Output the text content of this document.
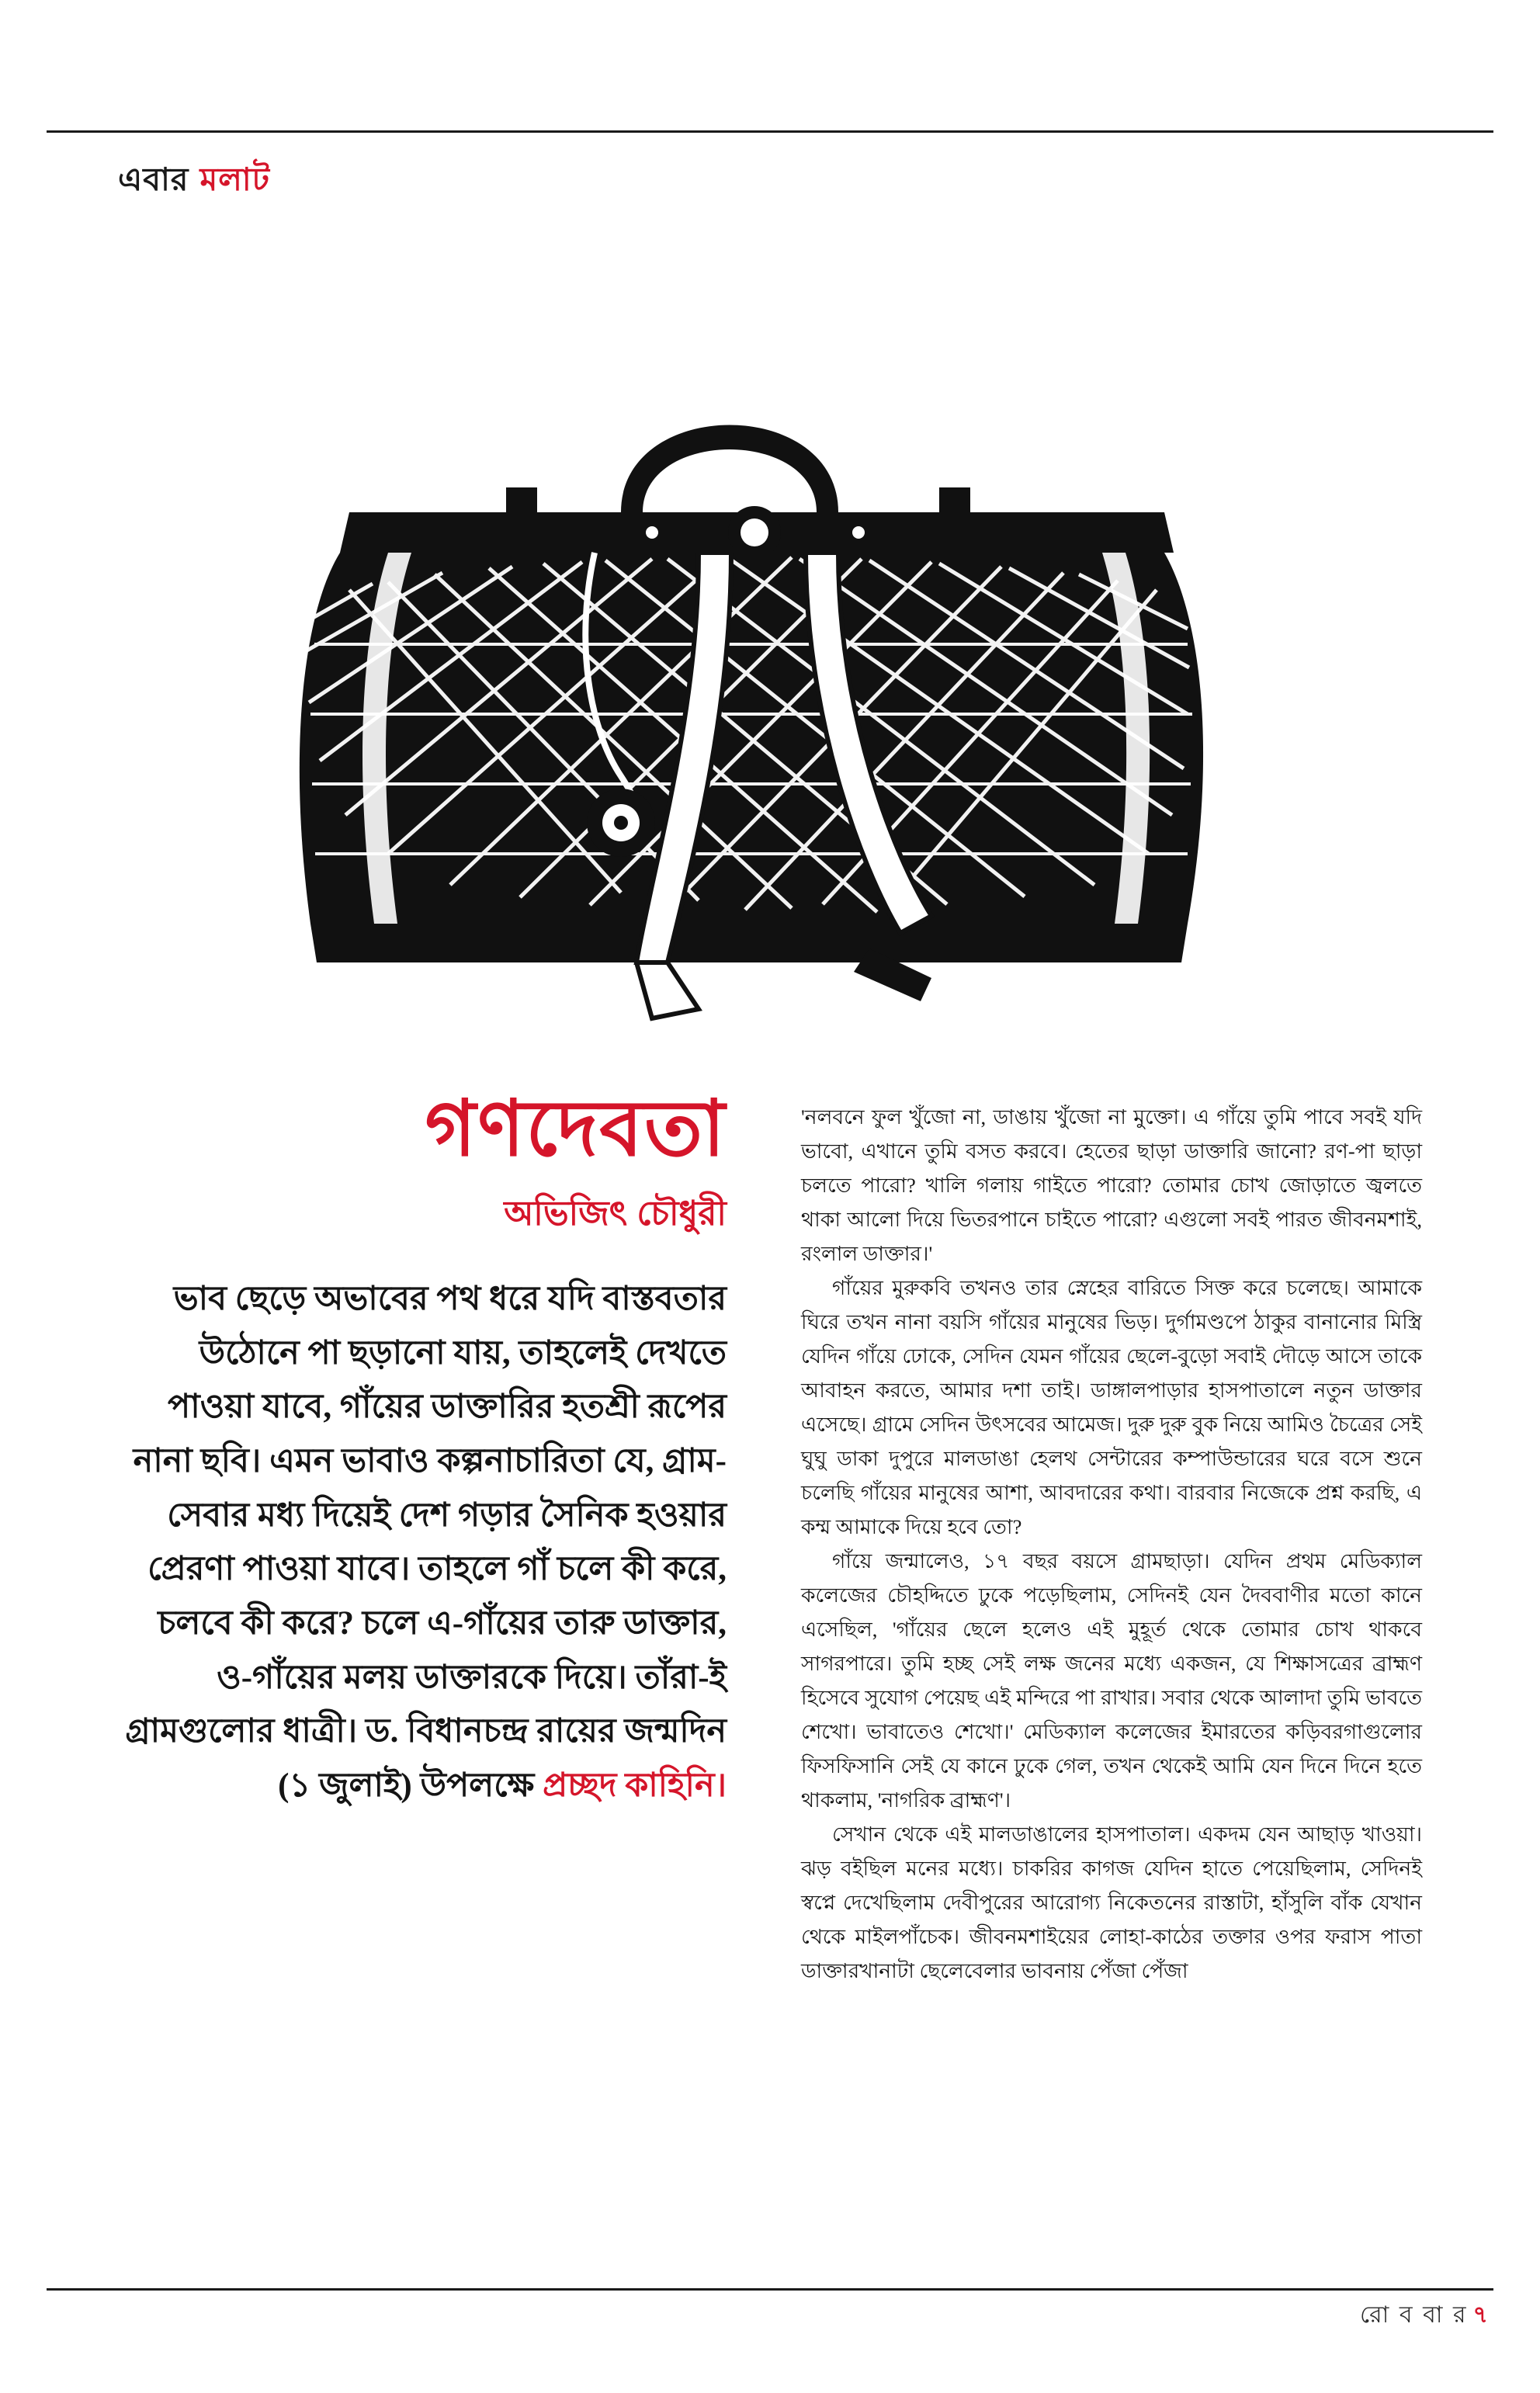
এবার মলাট
গণদেবতা
অভিজিৎ চৌধুরী
ভাব ছেড়ে অভাবের পথ ধরে যদি বাস্তবতার উঠোনে পা ছড়ানো যায়, তাহলেই দেখতে পাওয়া যাবে, গাঁয়ের ডাক্তারির হতশ্রী রূপের নানা ছবি। এমন ভাবাও কল্পনাচারিতা যে, গ্রাম-সেবার মধ্য দিয়েই দেশ গড়ার সৈনিক হওয়ার প্রেরণা পাওয়া যাবে। তাহলে গাঁ চলে কী করে, চলবে কী করে? চলে এ-গাঁয়ের তারু ডাক্তার, ও-গাঁয়ের মলয় ডাক্তারকে দিয়ে। তাঁরা-ই গ্রামগুলোর ধাত্রী। ড. বিধানচন্দ্র রায়ের জন্মদিন (১ জুলাই) উপলক্ষে প্রচ্ছদ কাহিনি।

'নলবনে ফুল খুঁজো না, ডাঙায় খুঁজো না মুক্তো। এ গাঁয়ে তুমি পাবে সবই যদি ভাবো, এখানে তুমি বসত করবে। হেতের ছাড়া ডাক্তারি জানো? রণ-পা ছাড়া চলতে পারো? খালি গলায় গাইতে পারো? তোমার চোখ জোড়াতে জ্বলতে থাকা আলো দিয়ে ভিতরপানে চাইতে পারো? এগুলো সবই পারত জীবনমশাই, রংলাল ডাক্তার।'

গাঁয়ের মুরুকবি তখনও তার স্নেহের বারিতে সিক্ত করে চলেছে। আমাকে ঘিরে তখন নানা বয়সি গাঁয়ের মানুষের ভিড়। দুর্গামণ্ডপে ঠাকুর বানানোর মিস্ত্রি যেদিন গাঁয়ে ঢোকে, সেদিন যেমন গাঁয়ের ছেলে-বুড়ো সবাই দৌড়ে আসে তাকে আবাহন করতে, আমার দশা তাই। ডাঙ্গালপাড়ার হাসপাতালে নতুন ডাক্তার এসেছে। গ্রামে সেদিন উৎসবের আমেজ। দুরু দুরু বুক নিয়ে আমিও চৈত্রের সেই ঘুঘু ডাকা দুপুরে মালডাঙা হেলথ সেন্টারের কম্পাউন্ডারের ঘরে বসে শুনে চলেছি গাঁয়ের মানুষের আশা, আবদারের কথা। বারবার নিজেকে প্রশ্ন করছি, এ কম্ম আমাকে দিয়ে হবে তো?

গাঁয়ে জন্মালেও, ১৭ বছর বয়সে গ্রামছাড়া। যেদিন প্রথম মেডিক্যাল কলেজের চৌহদ্দিতে ঢুকে পড়েছিলাম, সেদিনই যেন দৈববাণীর মতো কানে এসেছিল, 'গাঁয়ের ছেলে হলেও এই মুহূর্ত থেকে তোমার চোখ থাকবে সাগরপারে। তুমি হচ্ছ সেই লক্ষ জনের মধ্যে একজন, যে শিক্ষাসত্রের ব্রাহ্মণ হিসেবে সুযোগ পেয়েছ এই মন্দিরে পা রাখার। সবার থেকে আলাদা তুমি ভাবতে শেখো। ভাবাতেও শেখো।' মেডিক্যাল কলেজের ইমারতের কড়িবরগাগুলোর ফিসফিসানি সেই যে কানে ঢুকে গেল, তখন থেকেই আমি যেন দিনে দিনে হতে থাকলাম, 'নাগরিক ব্রাহ্মণ'।

সেখান থেকে এই মালডাঙালের হাসপাতাল। একদম যেন আছাড় খাওয়া। ঝড় বইছিল মনের মধ্যে। চাকরির কাগজ যেদিন হাতে পেয়েছিলাম, সেদিনই স্বপ্নে দেখেছিলাম দেবীপুরের আরোগ্য নিকেতনের রাস্তাটা, হাঁসুলি বাঁক যেখান থেকে মাইলপাঁচেক। জীবনমশাইয়ের লোহা-কাঠের তক্তার ওপর ফরাস পাতা ডাক্তারখানাটা ছেলেবেলার ভাবনায় পেঁজা পেঁজা

রো ব বা র ৭
